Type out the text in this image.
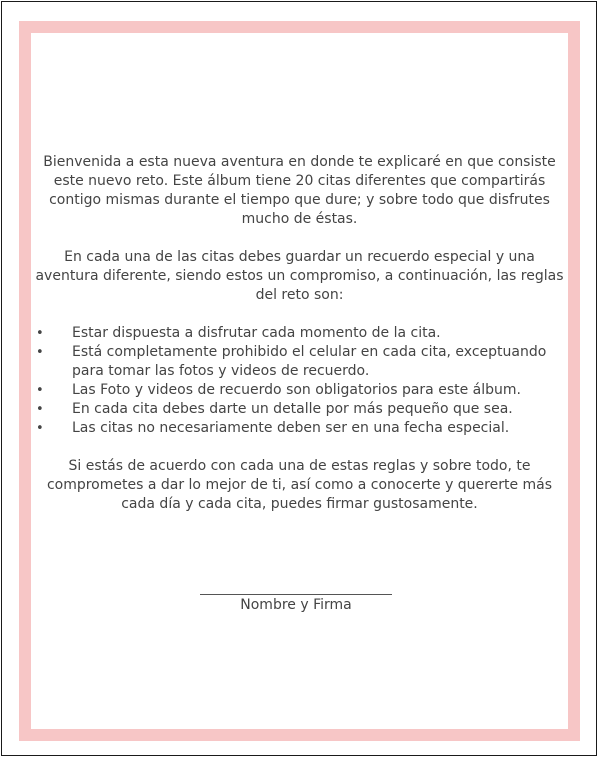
Bienvenida a esta nueva aventura en donde te explicaré en que consiste este nuevo reto. Este álbum tiene 20 citas diferentes que compartirás contigo mismas durante el tiempo que dure; y sobre todo que disfrutes mucho de éstas.

En cada una de las citas debes guardar un recuerdo especial y una aventura diferente, siendo estos un compromiso, a continuación, las reglas del reto son:

• Estar dispuesta a disfrutar cada momento de la cita.
• Está completamente prohibido el celular en cada cita, exceptuando para tomar las fotos y videos de recuerdo.
• Las Foto y videos de recuerdo son obligatorios para este álbum.
• En cada cita debes darte un detalle por más pequeño que sea.
• Las citas no necesariamente deben ser en una fecha especial.

Si estás de acuerdo con cada una de estas reglas y sobre todo, te comprometes a dar lo mejor de ti, así como a conocerte y quererte más cada día y cada cita, puedes firmar gustosamente.

Nombre y Firma
